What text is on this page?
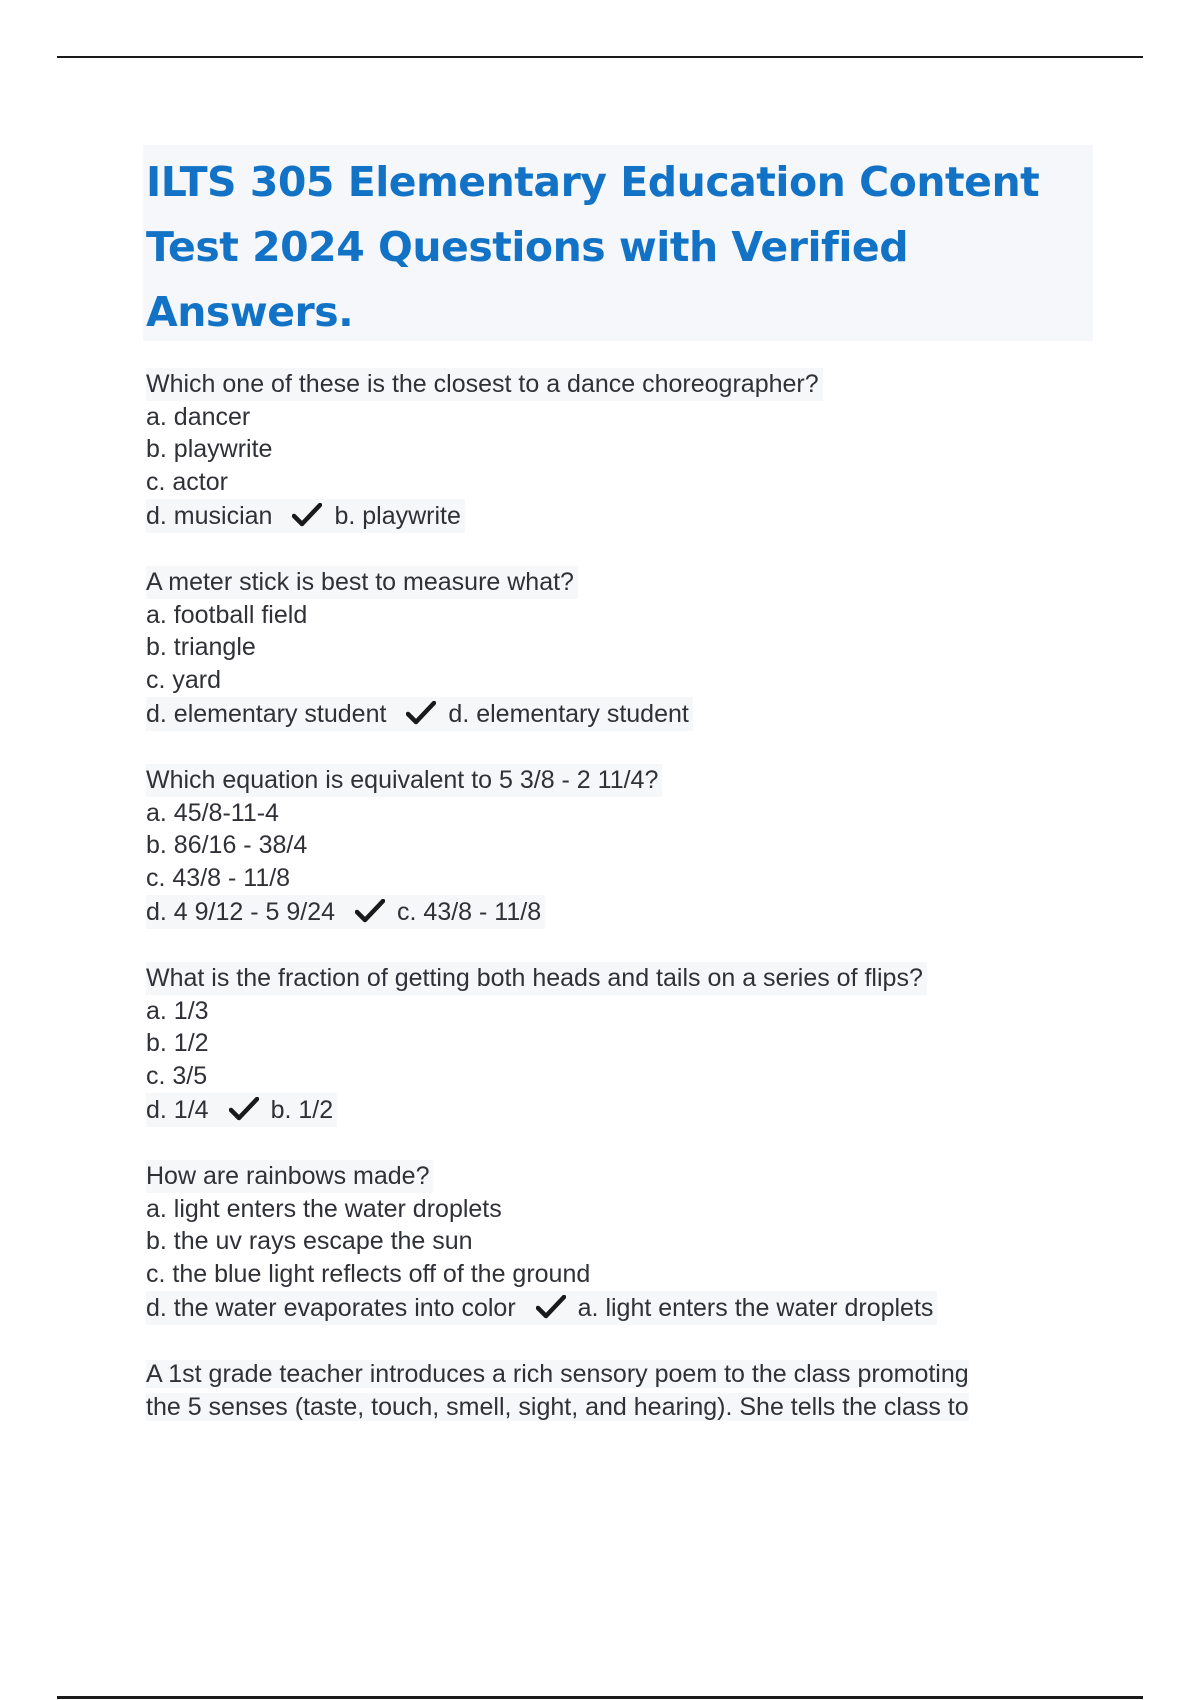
ILTS 305 Elementary Education Content Test 2024 Questions with Verified Answers.
Which one of these is the closest to a dance choreographer?
a. dancer
b. playwrite
c. actor
d. musician b. playwrite
A meter stick is best to measure what?
a. football field
b. triangle
c. yard
d. elementary student d. elementary student
Which equation is equivalent to 5 3/8 - 2 11/4?
a. 45/8-11-4
b. 86/16 - 38/4
c. 43/8 - 11/8
d. 4 9/12 - 5 9/24 c. 43/8 - 11/8
What is the fraction of getting both heads and tails on a series of flips?
a. 1/3
b. 1/2
c. 3/5
d. 1/4 b. 1/2
How are rainbows made?
a. light enters the water droplets
b. the uv rays escape the sun
c. the blue light reflects off of the ground
d. the water evaporates into color a. light enters the water droplets
A 1st grade teacher introduces a rich sensory poem to the class promoting
the 5 senses (taste, touch, smell, sight, and hearing). She tells the class to
